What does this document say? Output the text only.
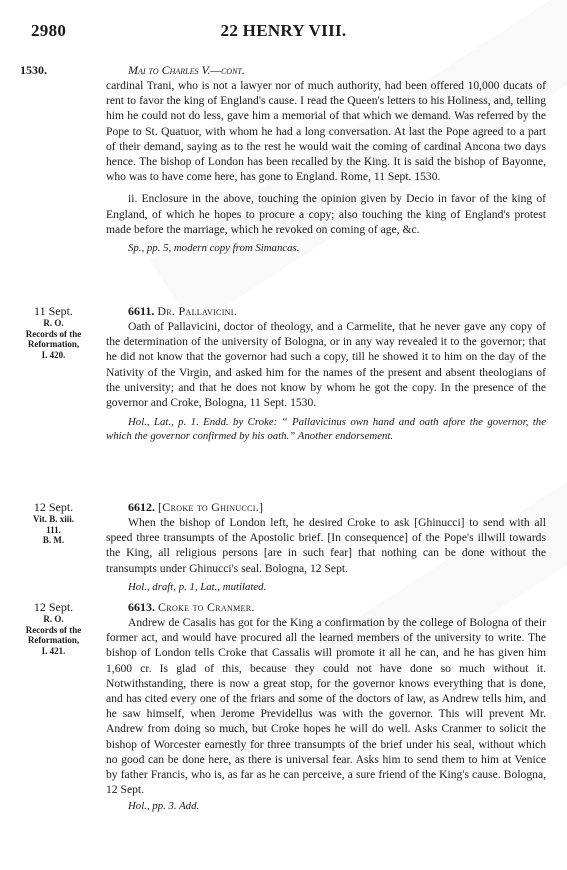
2980	22 HENRY VIII.
1530.	Mai to Charles V.—cont.

cardinal Trani, who is not a lawyer nor of much authority, had been offered 10,000 ducats of rent to favor the king of England's cause. I read the Queen's letters to his Holiness, and, telling him he could not do less, gave him a memorial of that which we demand. Was referred by the Pope to St. Quatuor, with whom he had a long conversation. At last the Pope agreed to a part of their demand, saying as to the rest he would wait the coming of cardinal Ancona two days hence. The bishop of London has been recalled by the King. It is said the bishop of Bayonne, who was to have come here, has gone to England. Rome, 11 Sept. 1530.

ii. Enclosure in the above, touching the opinion given by Decio in favor of the king of England, of which he hopes to procure a copy; also touching the king of England's protest made before the marriage, which he revoked on coming of age, &c.

Sp., pp. 5, modern copy from Simancas.

11 Sept.
R. O.
Records of the
Reformation,
I. 420.
6611. Dr. Pallavicini.

Oath of Pallavicini, doctor of theology, and a Carmelite, that he never gave any copy of the determination of the university of Bologna, or in any way revealed it to the governor; that he did not know that the governor had such a copy, till he showed it to him on the day of the Nativity of the Virgin, and asked him for the names of the present and absent theologians of the university; and that he does not know by whom he got the copy. In the presence of the governor and Croke, Bologna, 11 Sept. 1530.

Hol., Lat., p. 1. Endd. by Croke: “ Pallavicinus own hand and oath afore the governor, the which the governor confirmed by his oath.” Another endorsement.

12 Sept.
Vit. B. xiii.
111.
B. M.
6612. [Croke to Ghinucci.]

When the bishop of London left, he desired Croke to ask [Ghinucci] to send with all speed three transumpts of the Apostolic brief. [In consequence] of the Pope's illwill towards the King, all religious persons [are in such fear] that nothing can be done without the transumpts under Ghinucci's seal. Bologna, 12 Sept.

Hol., draft, p. 1, Lat., mutilated.

12 Sept.
R. O.
Records of the
Reformation,
I. 421.
6613. Croke to Cranmer.

Andrew de Casalis has got for the King a confirmation by the college of Bologna of their former act, and would have procured all the learned members of the university to write. The bishop of London tells Croke that Cassalis will promote it all he can, and he has given him 1,600 cr. Is glad of this, because they could not have done so much without it. Notwithstanding, there is now a great stop, for the governor knows everything that is done, and has cited every one of the friars and some of the doctors of law, as Andrew tells him, and he saw himself, when Jerome Previdellus was with the governor. This will prevent Mr. Andrew from doing so much, but Croke hopes he will do well. Asks Cranmer to solicit the bishop of Worcester earnestly for three transumpts of the brief under his seal, without which no good can be done here, as there is universal fear. Asks him to send them to him at Venice by father Francis, who is, as far as he can perceive, a sure friend of the King's cause. Bologna, 12 Sept.

Hol., pp. 3. Add.
